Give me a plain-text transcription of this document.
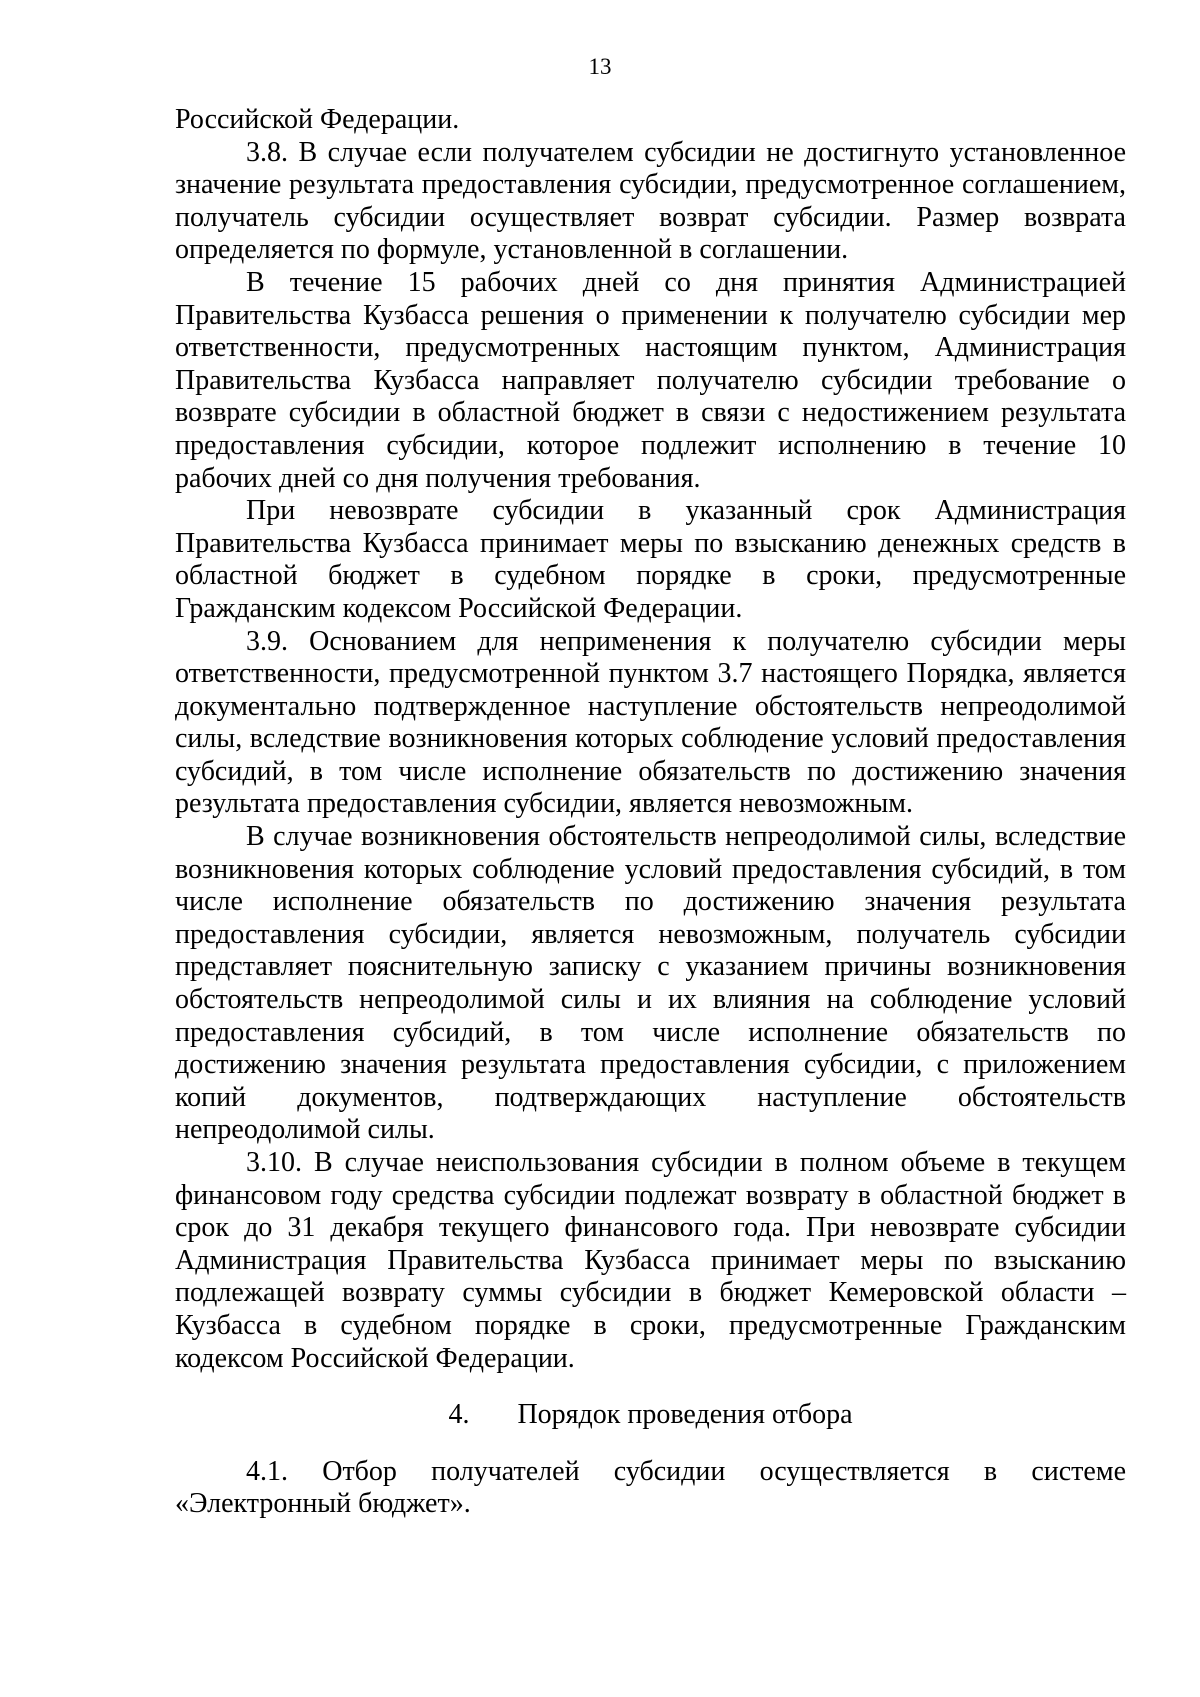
13

Российской Федерации.

3.8. В случае если получателем субсидии не достигнуто установленное значение результата предоставления субсидии, предусмотренное соглашением, получатель субсидии осуществляет возврат субсидии. Размер возврата определяется по формуле, установленной в соглашении.

В течение 15 рабочих дней со дня принятия Администрацией Правительства Кузбасса решения о применении к получателю субсидии мер ответственности, предусмотренных настоящим пунктом, Администрация Правительства Кузбасса направляет получателю субсидии требование о возврате субсидии в областной бюджет в связи с недостижением результата предоставления субсидии, которое подлежит исполнению в течение 10 рабочих дней со дня получения требования.

При невозврате субсидии в указанный срок Администрация Правительства Кузбасса принимает меры по взысканию денежных средств в областной бюджет в судебном порядке в сроки, предусмотренные Гражданским кодексом Российской Федерации.

3.9. Основанием для неприменения к получателю субсидии меры ответственности, предусмотренной пунктом 3.7 настоящего Порядка, является документально подтвержденное наступление обстоятельств непреодолимой силы, вследствие возникновения которых соблюдение условий предоставления субсидий, в том числе исполнение обязательств по достижению значения результата предоставления субсидии, является невозможным.

В случае возникновения обстоятельств непреодолимой силы, вследствие возникновения которых соблюдение условий предоставления субсидий, в том числе исполнение обязательств по достижению значения результата предоставления субсидии, является невозможным, получатель субсидии представляет пояснительную записку с указанием причины возникновения обстоятельств непреодолимой силы и их влияния на соблюдение условий предоставления субсидий, в том числе исполнение обязательств по достижению значения результата предоставления субсидии, с приложением копий документов, подтверждающих наступление обстоятельств непреодолимой силы.

3.10. В случае неиспользования субсидии в полном объеме в текущем финансовом году средства субсидии подлежат возврату в областной бюджет в срок до 31 декабря текущего финансового года. При невозврате субсидии Администрация Правительства Кузбасса принимает меры по взысканию подлежащей возврату суммы субсидии в бюджет Кемеровской области – Кузбасса в судебном порядке в сроки, предусмотренные Гражданским кодексом Российской Федерации.

4. Порядок проведения отбора

4.1. Отбор получателей субсидии осуществляется в системе «Электронный бюджет».
